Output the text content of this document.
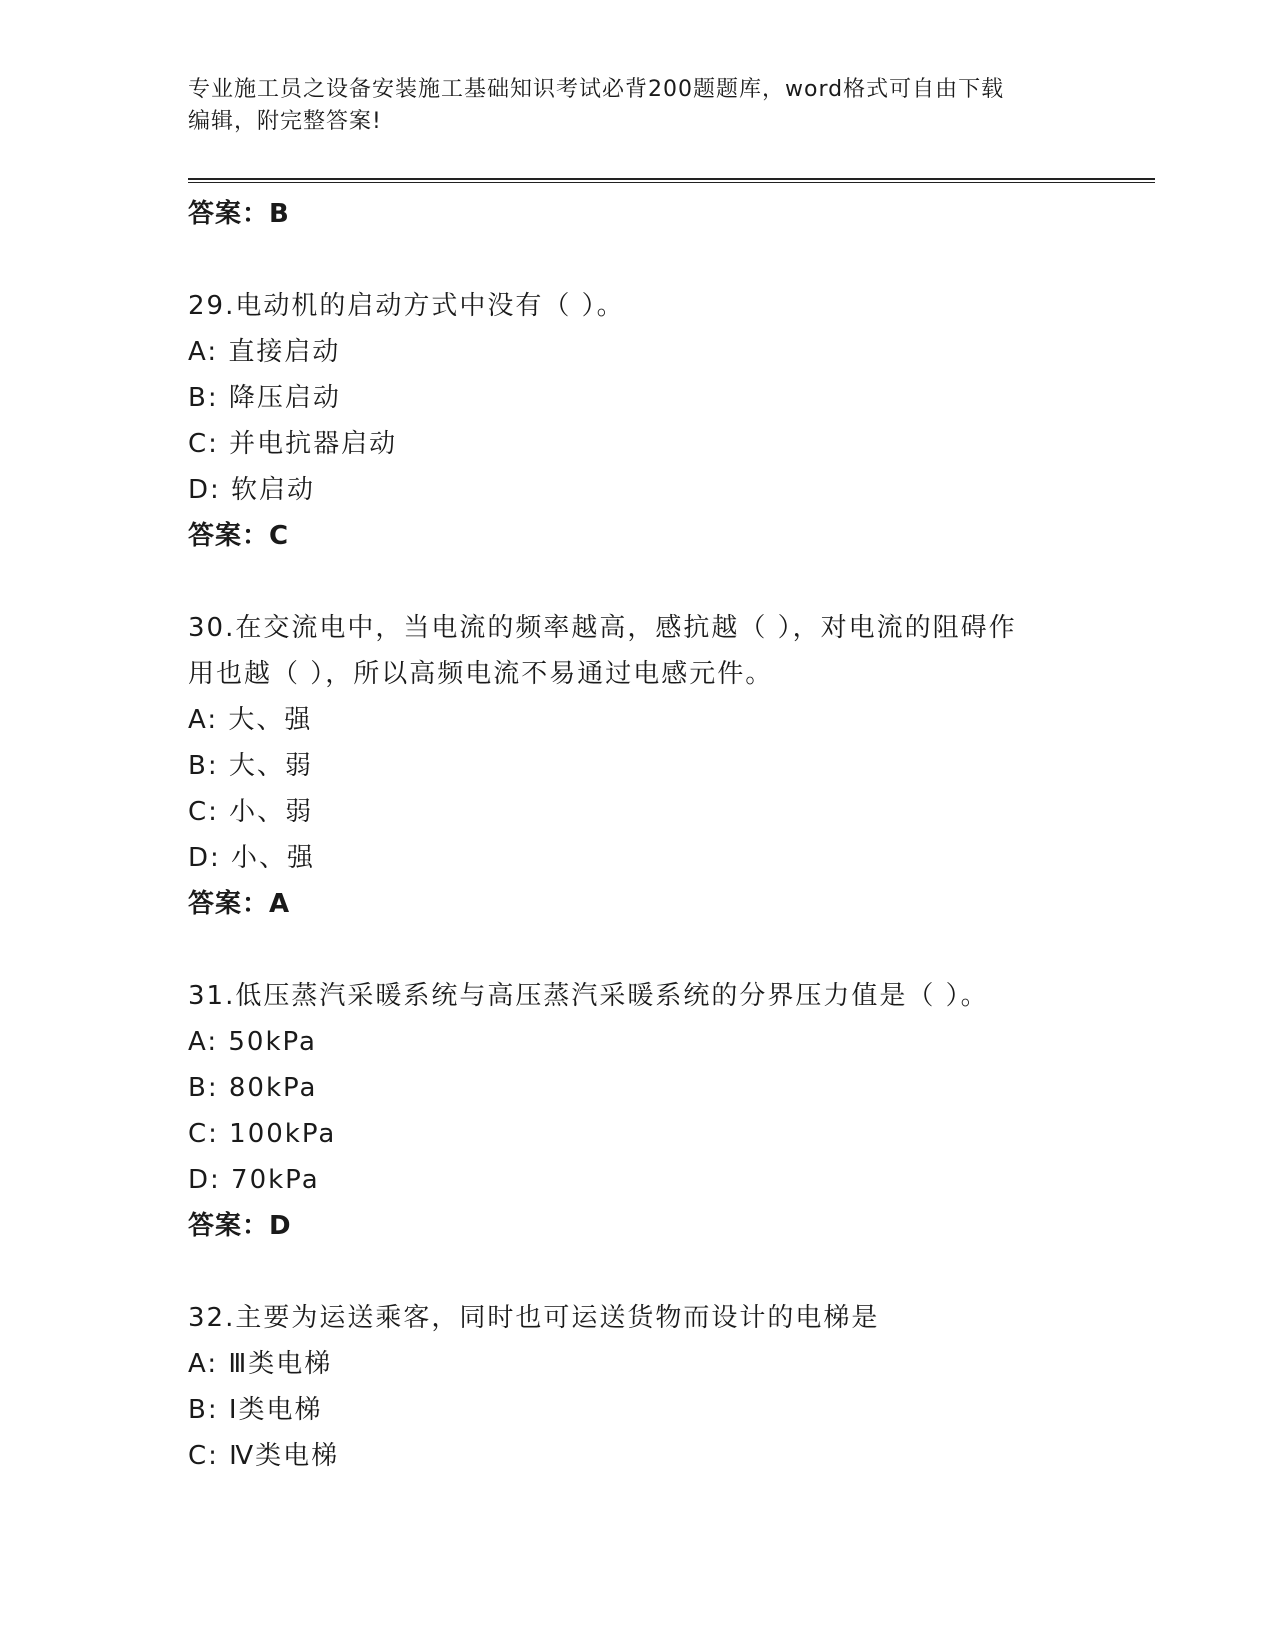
专业施工员之设备安装施工基础知识考试必背200题题库，word格式可自由下载
编辑，附完整答案!
答案：B
29.电动机的启动方式中没有（ ）。
A: 直接启动
B: 降压启动
C: 并电抗器启动
D: 软启动
答案：C
30.在交流电中，当电流的频率越高，感抗越（ ），对电流的阻碍作
用也越（ ），所以高频电流不易通过电感元件。
A: 大、强
B: 大、弱
C: 小、弱
D: 小、强
答案：A
31.低压蒸汽采暖系统与高压蒸汽采暖系统的分界压力值是（ ）。
A: 50kPa
B: 80kPa
C: 100kPa
D: 70kPa
答案：D
32.主要为运送乘客，同时也可运送货物而设计的电梯是
A: Ⅲ类电梯
B: Ⅰ类电梯
C: Ⅳ类电梯
